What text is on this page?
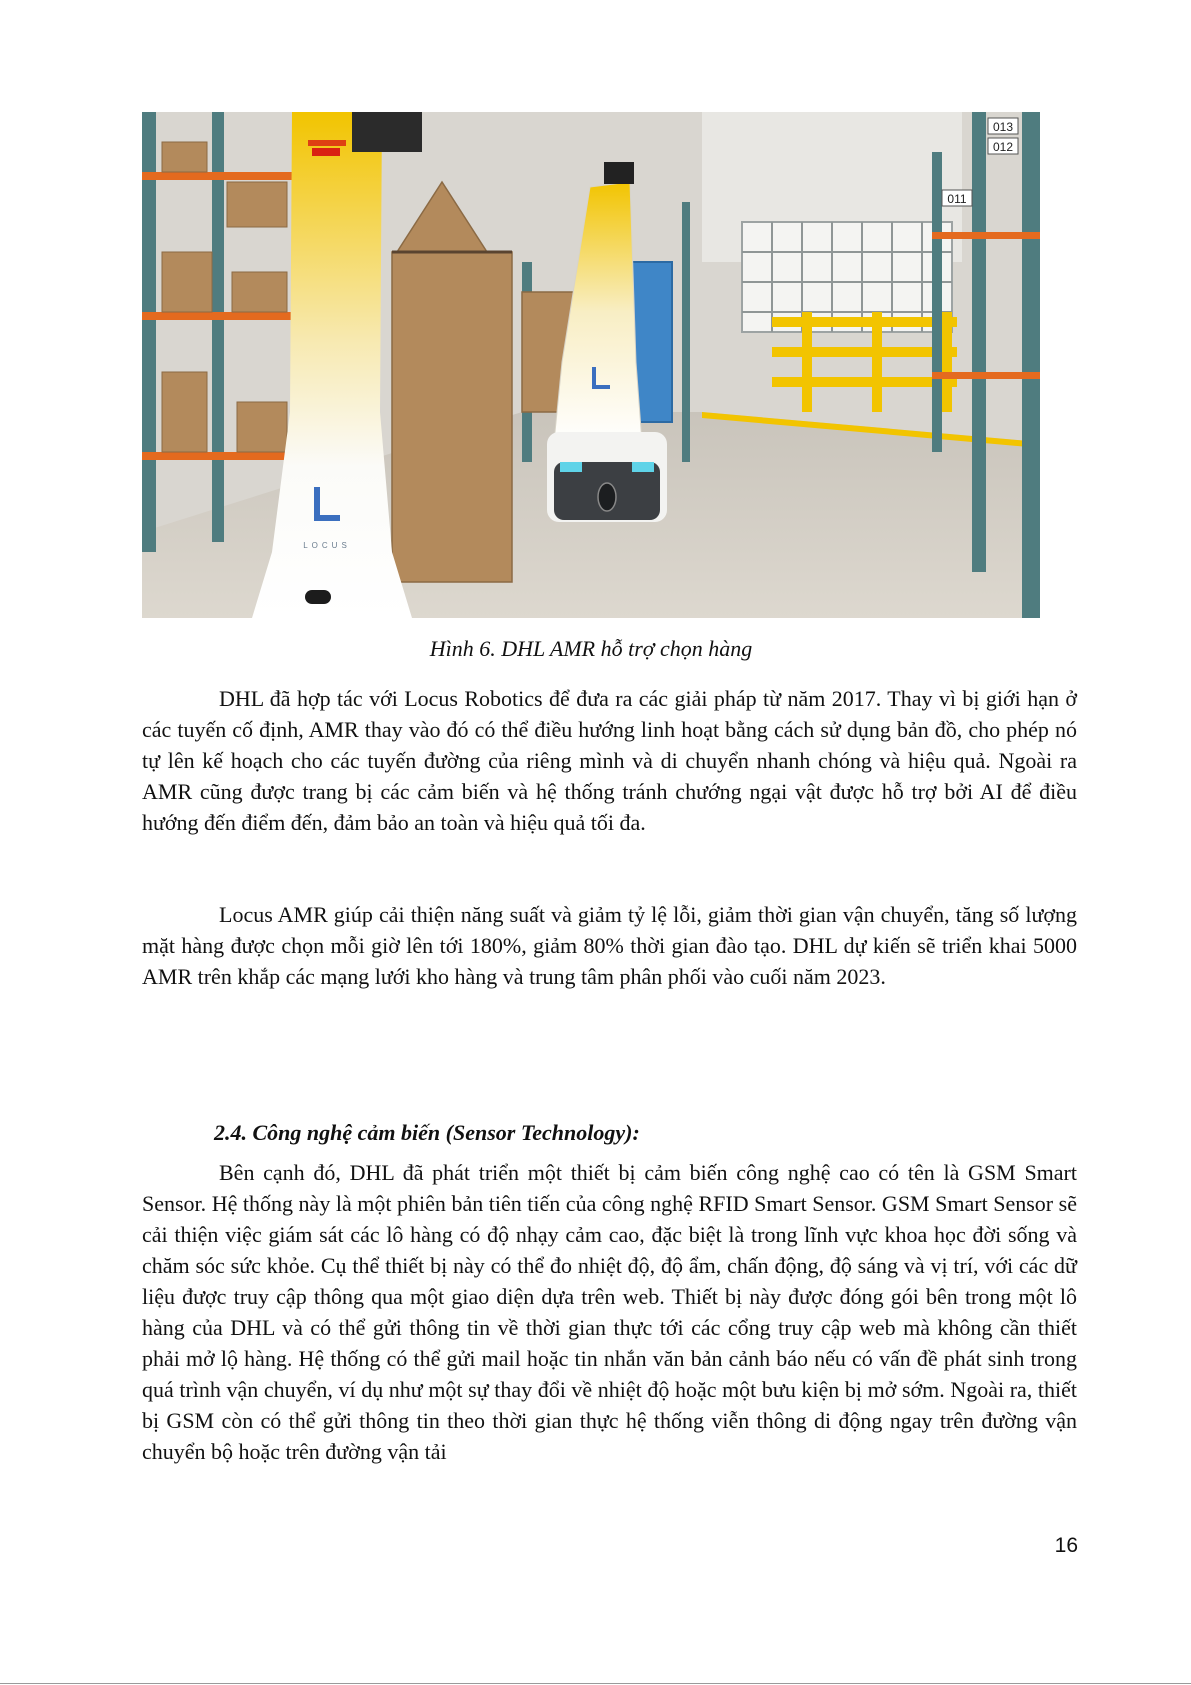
013
012
011
LOCUS
Hình 6. DHL AMR hỗ trợ chọn hàng

DHL đã hợp tác với Locus Robotics để đưa ra các giải pháp từ năm 2017. Thay vì bị giới hạn ở các tuyến cố định, AMR thay vào đó có thể điều hướng linh hoạt bằng cách sử dụng bản đồ, cho phép nó tự lên kế hoạch cho các tuyến đường của riêng mình và di chuyển nhanh chóng và hiệu quả. Ngoài ra AMR cũng được trang bị các cảm biến và hệ thống tránh chướng ngại vật được hỗ trợ bởi AI để điều hướng đến điểm đến, đảm bảo an toàn và hiệu quả tối đa.

Locus AMR giúp cải thiện năng suất và giảm tỷ lệ lỗi, giảm thời gian vận chuyển, tăng số lượng mặt hàng được chọn mỗi giờ lên tới 180%, giảm 80% thời gian đào tạo. DHL dự kiến sẽ triển khai 5000 AMR trên khắp các mạng lưới kho hàng và trung tâm phân phối vào cuối năm 2023.

2.4. Công nghệ cảm biến (Sensor Technology):

Bên cạnh đó, DHL đã phát triển một thiết bị cảm biến công nghệ cao có tên là GSM Smart Sensor. Hệ thống này là một phiên bản tiên tiến của công nghệ RFID Smart Sensor. GSM Smart Sensor sẽ cải thiện việc giám sát các lô hàng có độ nhạy cảm cao, đặc biệt là trong lĩnh vực khoa học đời sống và chăm sóc sức khỏe. Cụ thể thiết bị này có thể đo nhiệt độ, độ ẩm, chấn động, độ sáng và vị trí, với các dữ liệu được truy cập thông qua một giao diện dựa trên web. Thiết bị này được đóng gói bên trong một lô hàng của DHL và có thể gửi thông tin về thời gian thực tới các cổng truy cập web mà không cần thiết phải mở lộ hàng. Hệ thống có thể gửi mail hoặc tin nhắn văn bản cảnh báo nếu có vấn đề phát sinh trong quá trình vận chuyển, ví dụ như một sự thay đổi về nhiệt độ hoặc một bưu kiện bị mở sớm. Ngoài ra, thiết bị GSM còn có thể gửi thông tin theo thời gian thực hệ thống viễn thông di động ngay trên đường vận chuyển bộ hoặc trên đường vận tải

16
